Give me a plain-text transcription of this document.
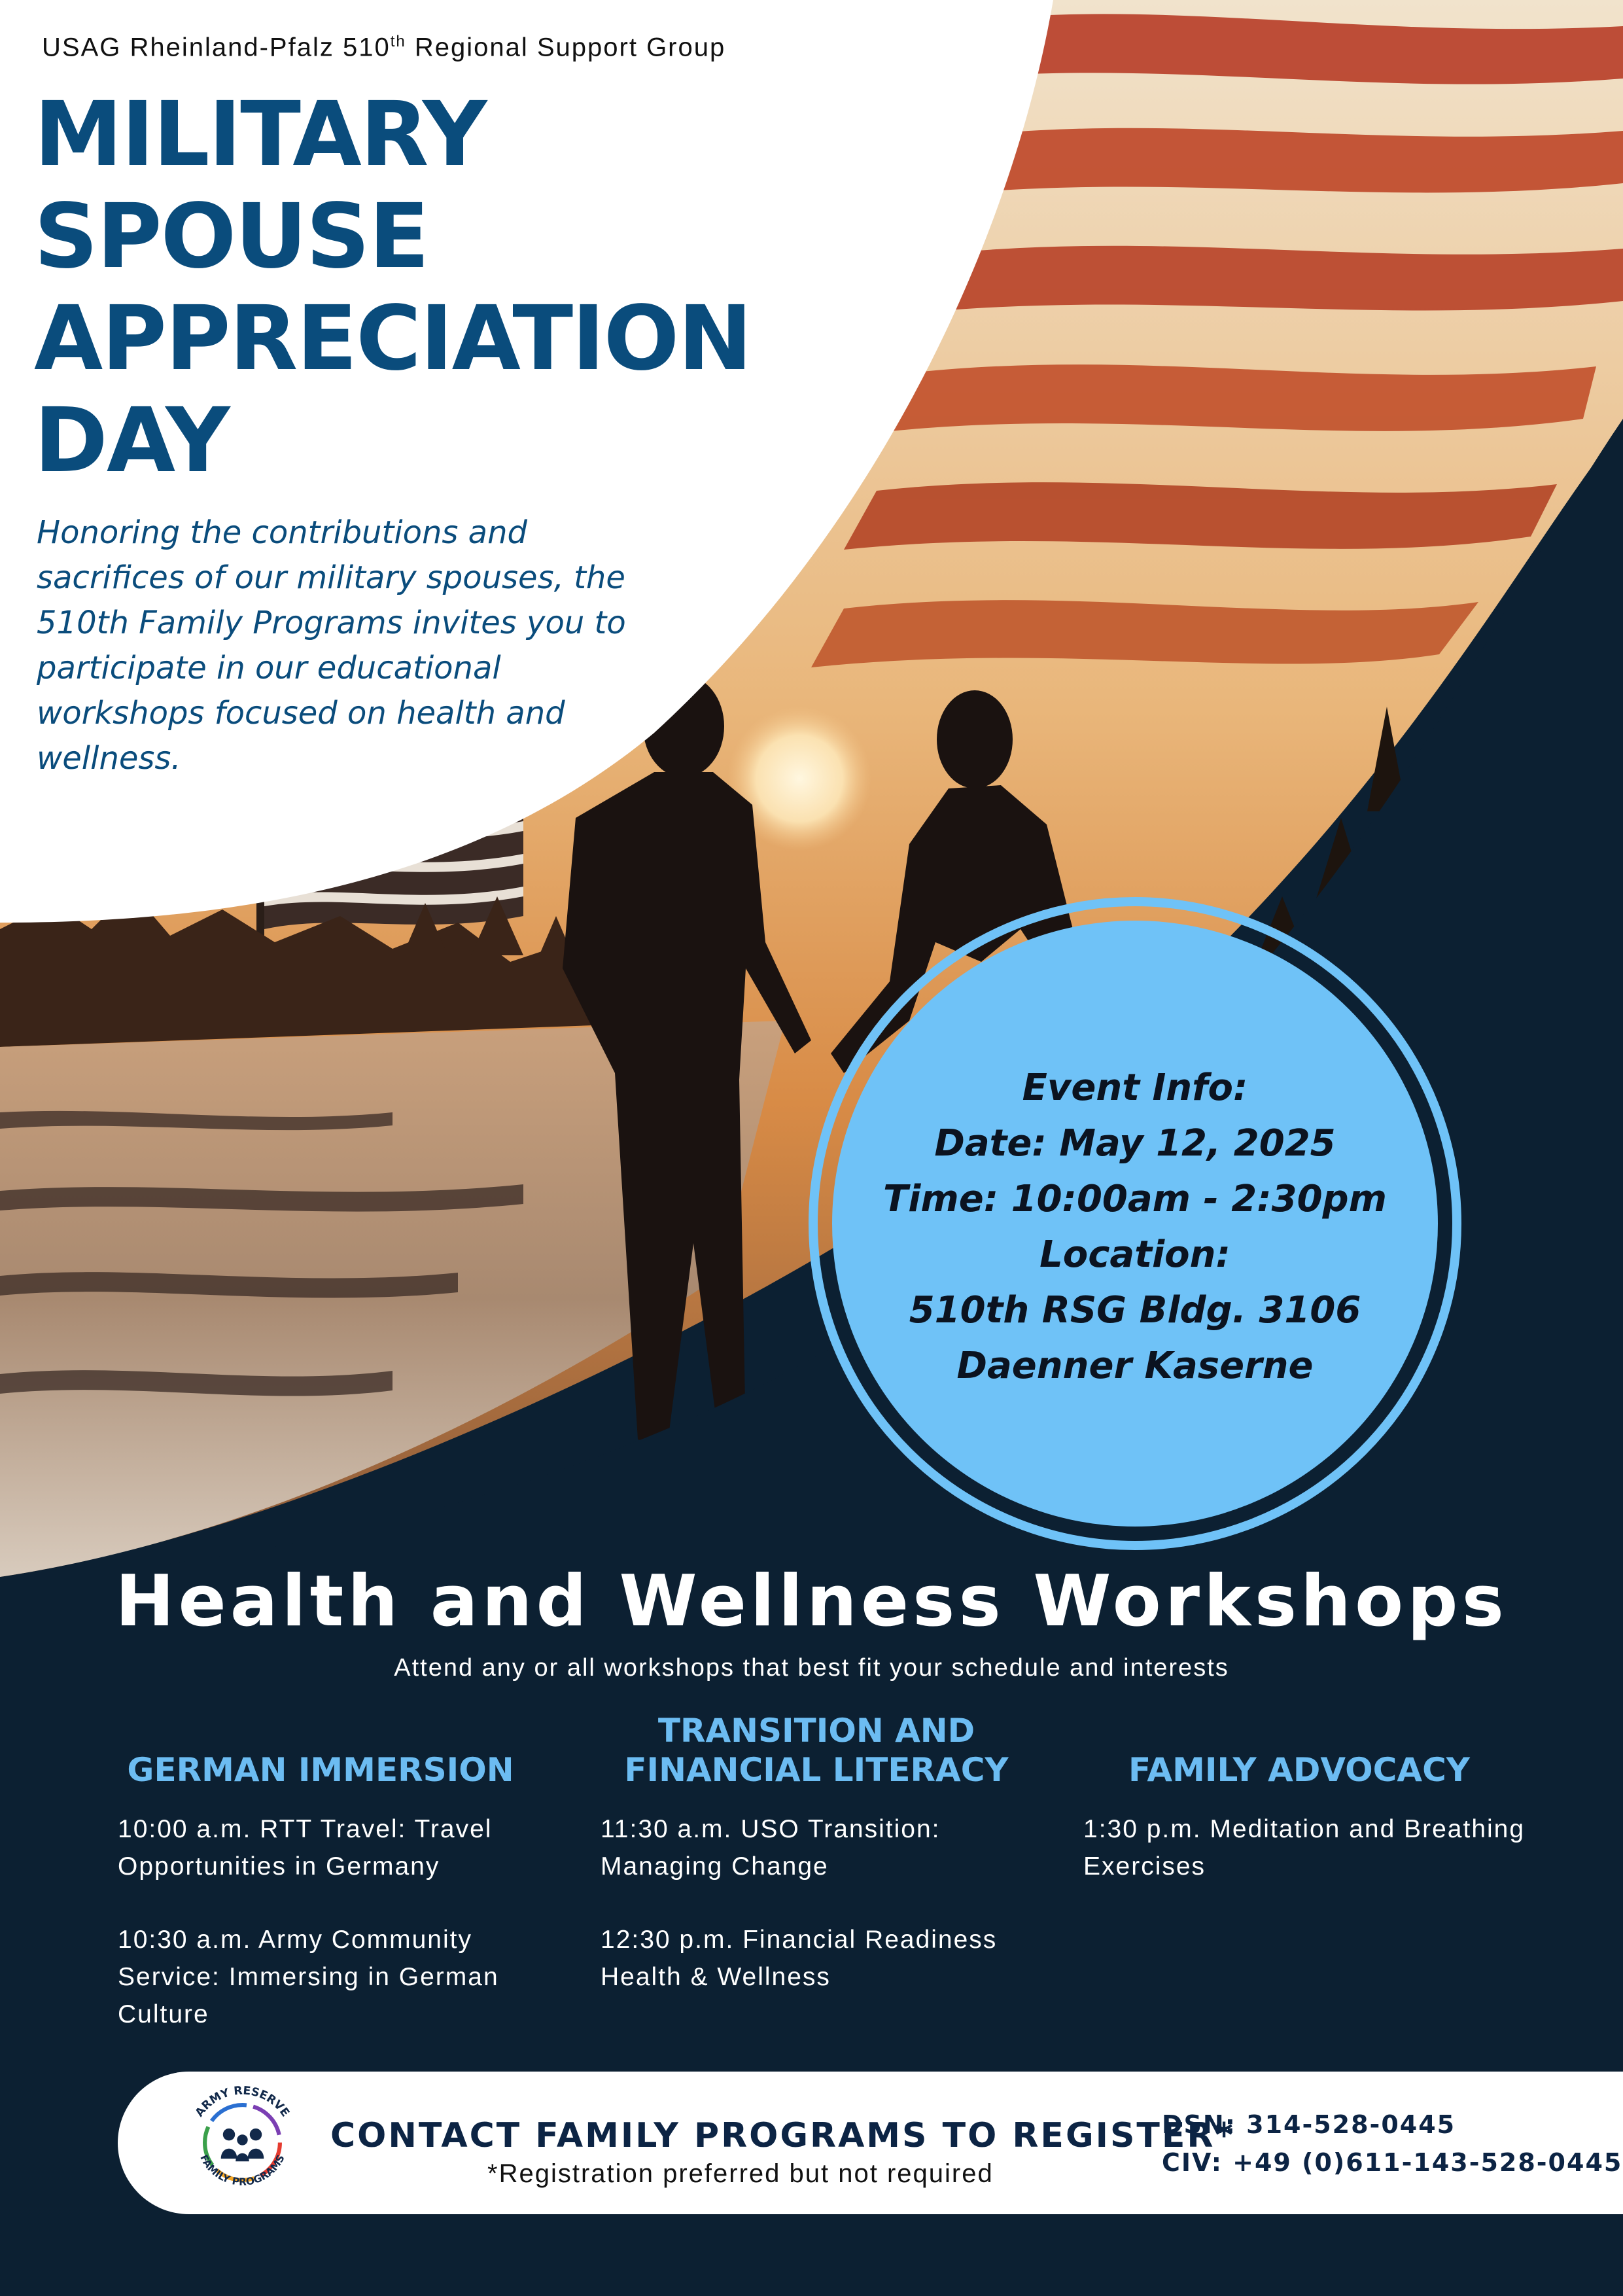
USAG Rheinland-Pfalz 510th Regional Support Group
MILITARY
SPOUSE
APPRECIATION
DAY
Honoring the contributions and sacrifices of our military spouses, the 510th Family Programs invites you to participate in our educational workshops focused on health and wellness.
Event Info:
Date: May 12, 2025
Time: 10:00am - 2:30pm
Location:
510th RSG Bldg. 3106
Daenner Kaserne
Health and Wellness Workshops
Attend any or all workshops that best fit your schedule and interests
GERMAN IMMERSION
10:00 a.m. RTT Travel: Travel Opportunities in Germany
10:30 a.m. Army Community Service: Immersing in German Culture
TRANSITION AND FINANCIAL LITERACY
11:30 a.m. USO Transition: Managing Change
12:30 p.m. Financial Readiness Health & Wellness
FAMILY ADVOCACY
1:30 p.m. Meditation and Breathing Exercises
ARMY RESERVE
FAMILY PROGRAMS
CONTACT FAMILY PROGRAMS TO REGISTER*
*Registration preferred but not required
DSN: 314-528-0445
CIV: +49 (0)611-143-528-0445
